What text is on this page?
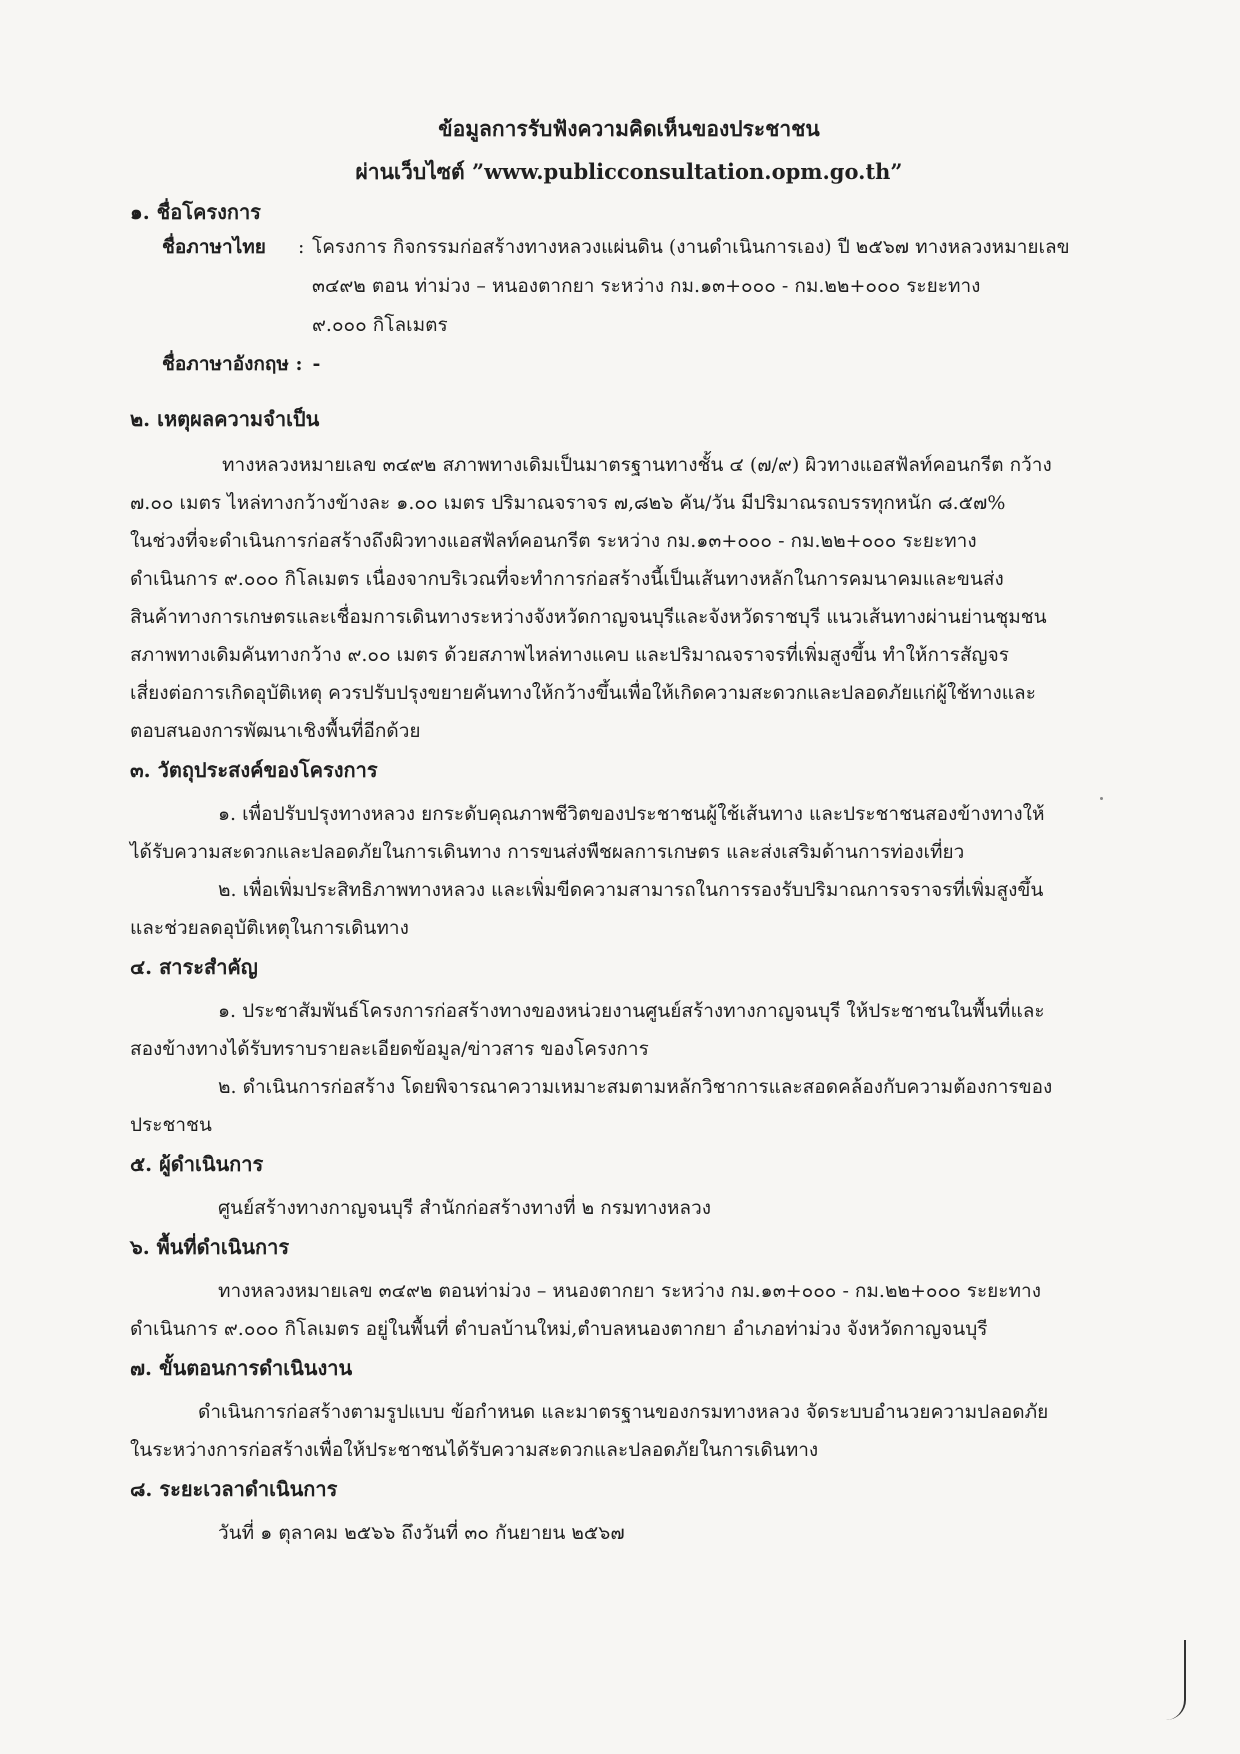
ข้อมูลการรับฟังความคิดเห็นของประชาชน

ผ่านเว็บไซต์ ”www.publicconsultation.opm.go.th”

๑. ชื่อโครงการ

ชื่อภาษาไทย	: โครงการ กิจกรรมก่อสร้างทางหลวงแผ่นดิน (งานดำเนินการเอง) ปี ๒๕๖๗ ทางหลวงหมายเลข

๓๔๙๒ ตอน ท่าม่วง – หนองตากยา ระหว่าง กม.๑๓+๐๐๐ - กม.๒๒+๐๐๐ ระยะทาง

๙.๐๐๐ กิโลเมตร

ชื่อภาษาอังกฤษ : -

๒. เหตุผลความจำเป็น

ทางหลวงหมายเลข ๓๔๙๒ สภาพทางเดิมเป็นมาตรฐานทางชั้น ๔ (๗/๙) ผิวทางแอสฟัลท์คอนกรีต กว้าง

๗.๐๐ เมตร ไหล่ทางกว้างข้างละ ๑.๐๐ เมตร ปริมาณจราจร ๗,๘๒๖ คัน/วัน มีปริมาณรถบรรทุกหนัก ๘.๕๗%

ในช่วงที่จะดำเนินการก่อสร้างถึงผิวทางแอสฟัลท์คอนกรีต ระหว่าง กม.๑๓+๐๐๐ - กม.๒๒+๐๐๐ ระยะทาง

ดำเนินการ ๙.๐๐๐ กิโลเมตร เนื่องจากบริเวณที่จะทำการก่อสร้างนี้เป็นเส้นทางหลักในการคมนาคมและขนส่ง

สินค้าทางการเกษตรและเชื่อมการเดินทางระหว่างจังหวัดกาญจนบุรีและจังหวัดราชบุรี แนวเส้นทางผ่านย่านชุมชน

สภาพทางเดิมคันทางกว้าง ๙.๐๐ เมตร ด้วยสภาพไหล่ทางแคบ และปริมาณจราจรที่เพิ่มสูงขึ้น ทำให้การสัญจร

เสี่ยงต่อการเกิดอุบัติเหตุ ควรปรับปรุงขยายคันทางให้กว้างขึ้นเพื่อให้เกิดความสะดวกและปลอดภัยแก่ผู้ใช้ทางและ

ตอบสนองการพัฒนาเชิงพื้นที่อีกด้วย

๓. วัตถุประสงค์ของโครงการ

๑. เพื่อปรับปรุงทางหลวง ยกระดับคุณภาพชีวิตของประชาชนผู้ใช้เส้นทาง และประชาชนสองข้างทางให้

ได้รับความสะดวกและปลอดภัยในการเดินทาง การขนส่งพืชผลการเกษตร และส่งเสริมด้านการท่องเที่ยว

๒. เพื่อเพิ่มประสิทธิภาพทางหลวง และเพิ่มขีดความสามารถในการรองรับปริมาณการจราจรที่เพิ่มสูงขึ้น

และช่วยลดอุบัติเหตุในการเดินทาง

๔. สาระสำคัญ

๑. ประชาสัมพันธ์โครงการก่อสร้างทางของหน่วยงานศูนย์สร้างทางกาญจนบุรี ให้ประชาชนในพื้นที่และ

สองข้างทางได้รับทราบรายละเอียดข้อมูล/ข่าวสาร ของโครงการ

๒. ดำเนินการก่อสร้าง โดยพิจารณาความเหมาะสมตามหลักวิชาการและสอดคล้องกับความต้องการของ

ประชาชน

๕. ผู้ดำเนินการ

ศูนย์สร้างทางกาญจนบุรี สำนักก่อสร้างทางที่ ๒ กรมทางหลวง

๖. พื้นที่ดำเนินการ

ทางหลวงหมายเลข ๓๔๙๒ ตอนท่าม่วง – หนองตากยา ระหว่าง กม.๑๓+๐๐๐ - กม.๒๒+๐๐๐ ระยะทาง

ดำเนินการ ๙.๐๐๐ กิโลเมตร อยู่ในพื้นที่ ตำบลบ้านใหม่,ตำบลหนองตากยา อำเภอท่าม่วง จังหวัดกาญจนบุรี

๗. ขั้นตอนการดำเนินงาน

ดำเนินการก่อสร้างตามรูปแบบ ข้อกำหนด และมาตรฐานของกรมทางหลวง จัดระบบอำนวยความปลอดภัย

ในระหว่างการก่อสร้างเพื่อให้ประชาชนได้รับความสะดวกและปลอดภัยในการเดินทาง

๘. ระยะเวลาดำเนินการ

วันที่ ๑ ตุลาคม ๒๕๖๖ ถึงวันที่ ๓๐ กันยายน ๒๕๖๗
